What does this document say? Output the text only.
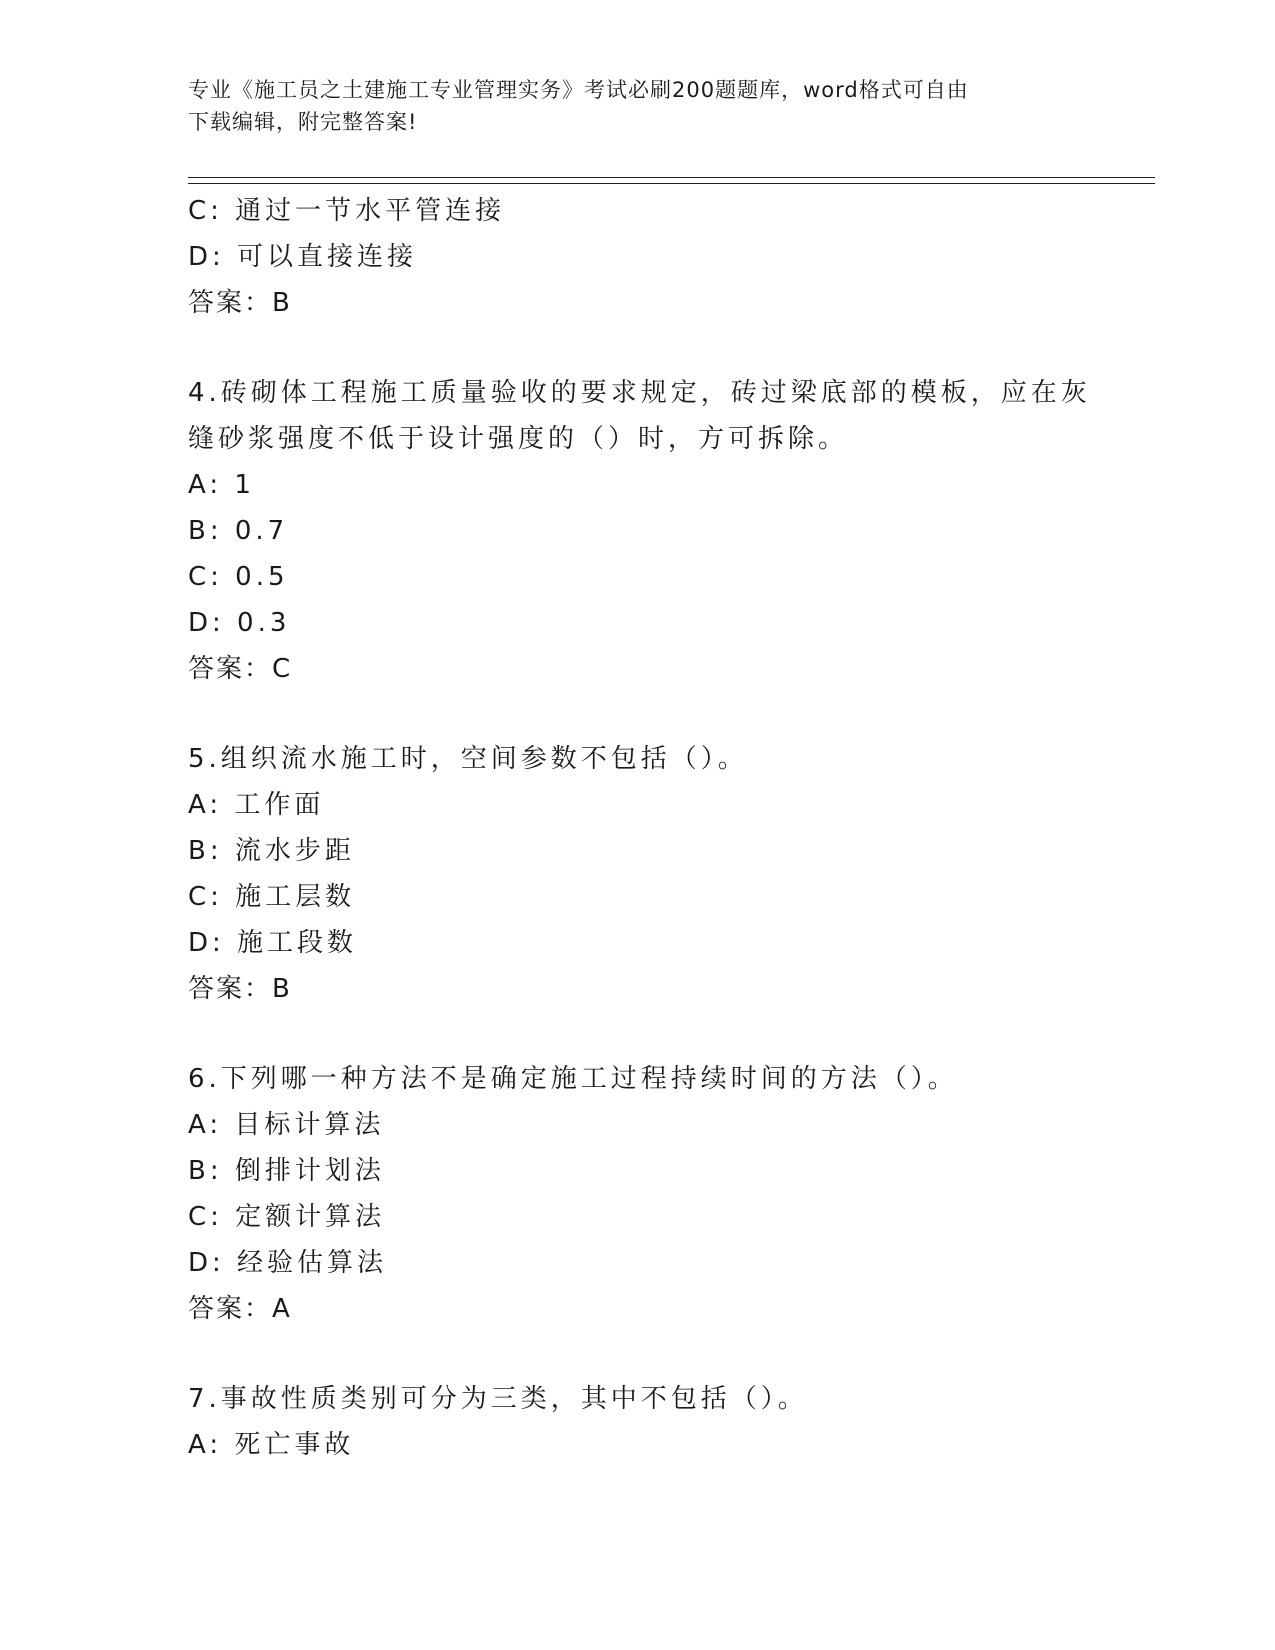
专业《施工员之土建施工专业管理实务》考试必刷200题题库，word格式可自由
下载编辑，附完整答案!
C: 通过一节水平管连接
D: 可以直接连接
答案：B
4.砖砌体工程施工质量验收的要求规定，砖过梁底部的模板，应在灰
缝砂浆强度不低于设计强度的（）时，方可拆除。
A: 1
B: 0.7
C: 0.5
D: 0.3
答案：C
5.组织流水施工时，空间参数不包括（）。
A: 工作面
B: 流水步距
C: 施工层数
D: 施工段数
答案：B
6.下列哪一种方法不是确定施工过程持续时间的方法（）。
A: 目标计算法
B: 倒排计划法
C: 定额计算法
D: 经验估算法
答案：A
7.事故性质类别可分为三类，其中不包括（）。
A: 死亡事故
